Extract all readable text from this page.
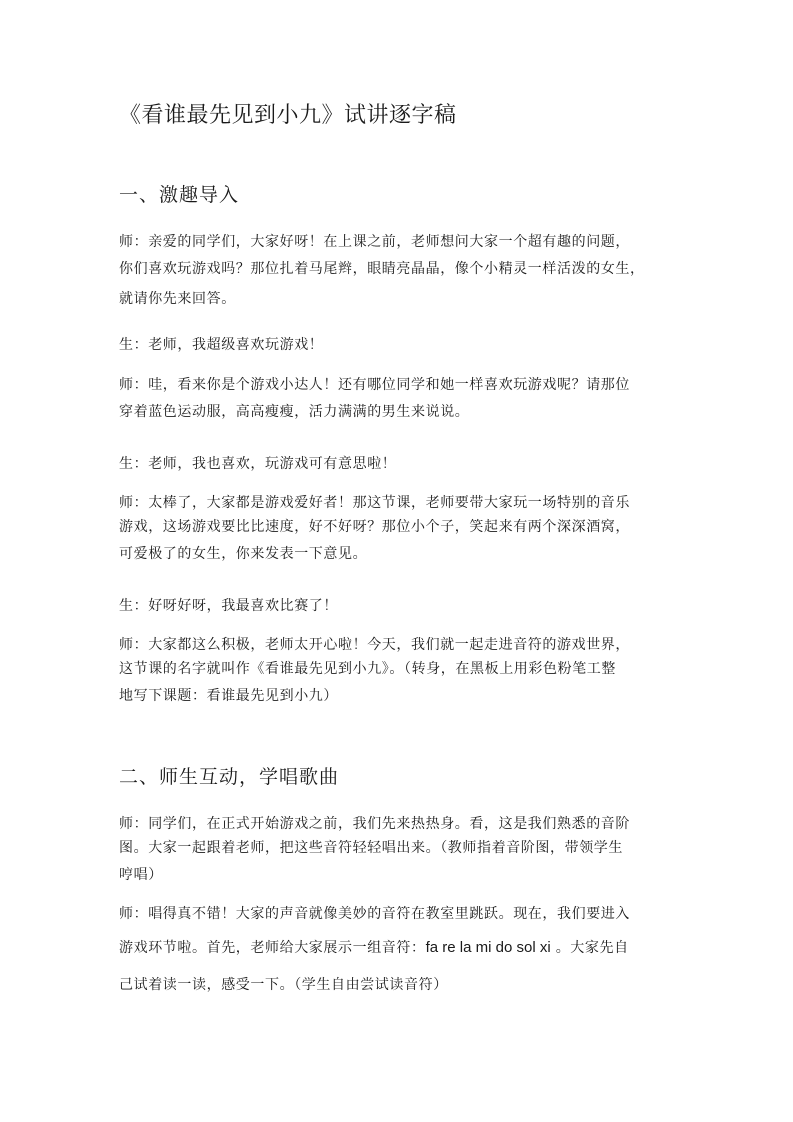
《看谁最先见到小九》试讲逐字稿
一、激趣导入
师：亲爱的同学们，大家好呀！在上课之前，老师想问大家一个超有趣的问题，
你们喜欢玩游戏吗？那位扎着马尾辫，眼睛亮晶晶，像个小精灵一样活泼的女生，
就请你先来回答。
生：老师，我超级喜欢玩游戏！
师：哇，看来你是个游戏小达人！还有哪位同学和她一样喜欢玩游戏呢？请那位
穿着蓝色运动服，高高瘦瘦，活力满满的男生来说说。
生：老师，我也喜欢，玩游戏可有意思啦！
师：太棒了，大家都是游戏爱好者！那这节课，老师要带大家玩一场特别的音乐
游戏，这场游戏要比比速度，好不好呀？那位小个子，笑起来有两个深深酒窝，
可爱极了的女生，你来发表一下意见。
生：好呀好呀，我最喜欢比赛了！
师：大家都这么积极，老师太开心啦！今天，我们就一起走进音符的游戏世界，
这节课的名字就叫作《看谁最先见到小九》。（转身，在黑板上用彩色粉笔工整
地写下课题：看谁最先见到小九）
二、师生互动，学唱歌曲
师：同学们，在正式开始游戏之前，我们先来热热身。看，这是我们熟悉的音阶
图。大家一起跟着老师，把这些音符轻轻唱出来。（教师指着音阶图，带领学生
哼唱）
师：唱得真不错！大家的声音就像美妙的音符在教室里跳跃。现在，我们要进入
游戏环节啦。首先，老师给大家展示一组音符：fa re la mi do sol xi 。大家先自
己试着读一读，感受一下。（学生自由尝试读音符）
